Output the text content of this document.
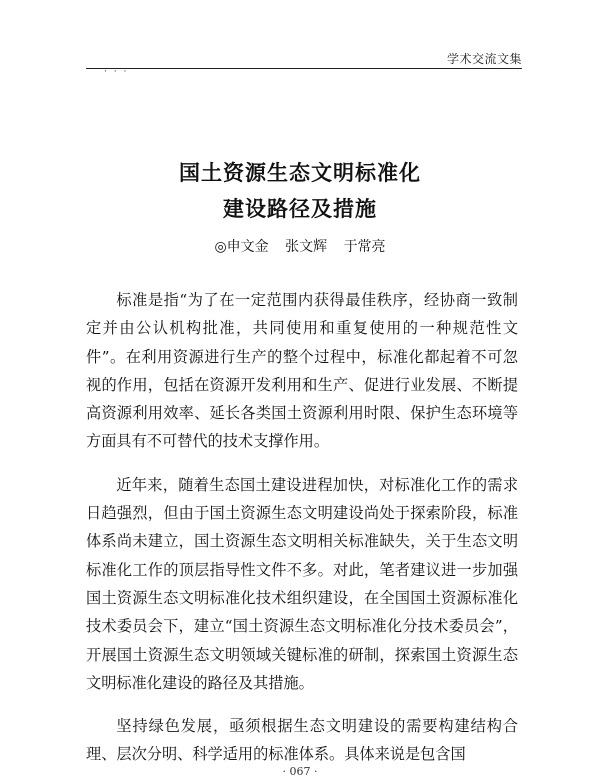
学术交流文集
· · ·
国土资源生态文明标准化
建设路径及措施
◎申文金 张文辉 于常亮

标准是指“为了在一定范围内获得最佳秩序，经协商一致制定并由公认机构批准，共同使用和重复使用的一种规范性文件”。在利用资源进行生产的整个过程中，标准化都起着不可忽视的作用，包括在资源开发利用和生产、促进行业发展、不断提高资源利用效率、延长各类国土资源利用时限、保护生态环境等方面具有不可替代的技术支撑作用。

近年来，随着生态国土建设进程加快，对标准化工作的需求日趋强烈，但由于国土资源生态文明建设尚处于探索阶段，标准体系尚未建立，国土资源生态文明相关标准缺失，关于生态文明标准化工作的顶层指导性文件不多。对此，笔者建议进一步加强国土资源生态文明标准化技术组织建设，在全国国土资源标准化技术委员会下，建立“国土资源生态文明标准化分技术委员会”，开展国土资源生态文明领域关键标准的研制，探索国土资源生态文明标准化建设的路径及其措施。

坚持绿色发展，亟须根据生态文明建设的需要构建结构合理、层次分明、科学适用的标准体系。具体来说是包含国

· 067 ·
